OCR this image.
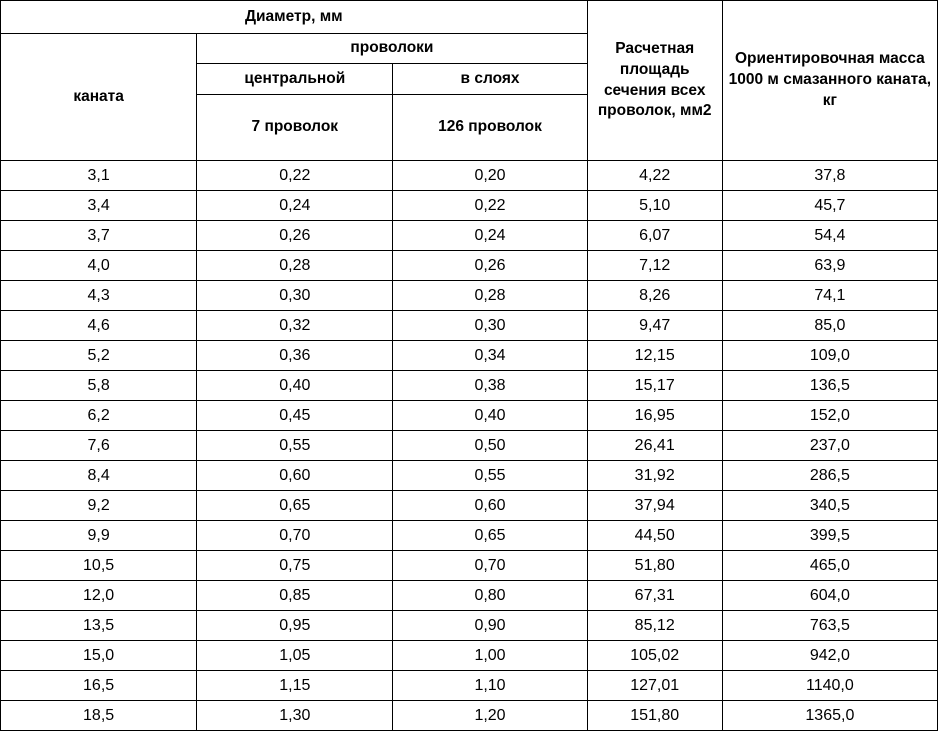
Диаметр, мм			Расчетная площадь сечения всех проволок, мм2	Ориентировочная масса 1000 м смазанного каната, кг
каната	проволоки			
	центральной	в слоях		
	7 проволок	126 проволок		
3,1	0,22	0,20	4,22	37,8
3,4	0,24	0,22	5,10	45,7
3,7	0,26	0,24	6,07	54,4
4,0	0,28	0,26	7,12	63,9
4,3	0,30	0,28	8,26	74,1
4,6	0,32	0,30	9,47	85,0
5,2	0,36	0,34	12,15	109,0
5,8	0,40	0,38	15,17	136,5
6,2	0,45	0,40	16,95	152,0
7,6	0,55	0,50	26,41	237,0
8,4	0,60	0,55	31,92	286,5
9,2	0,65	0,60	37,94	340,5
9,9	0,70	0,65	44,50	399,5
10,5	0,75	0,70	51,80	465,0
12,0	0,85	0,80	67,31	604,0
13,5	0,95	0,90	85,12	763,5
15,0	1,05	1,00	105,02	942,0
16,5	1,15	1,10	127,01	1140,0
18,5	1,30	1,20	151,80	1365,0
